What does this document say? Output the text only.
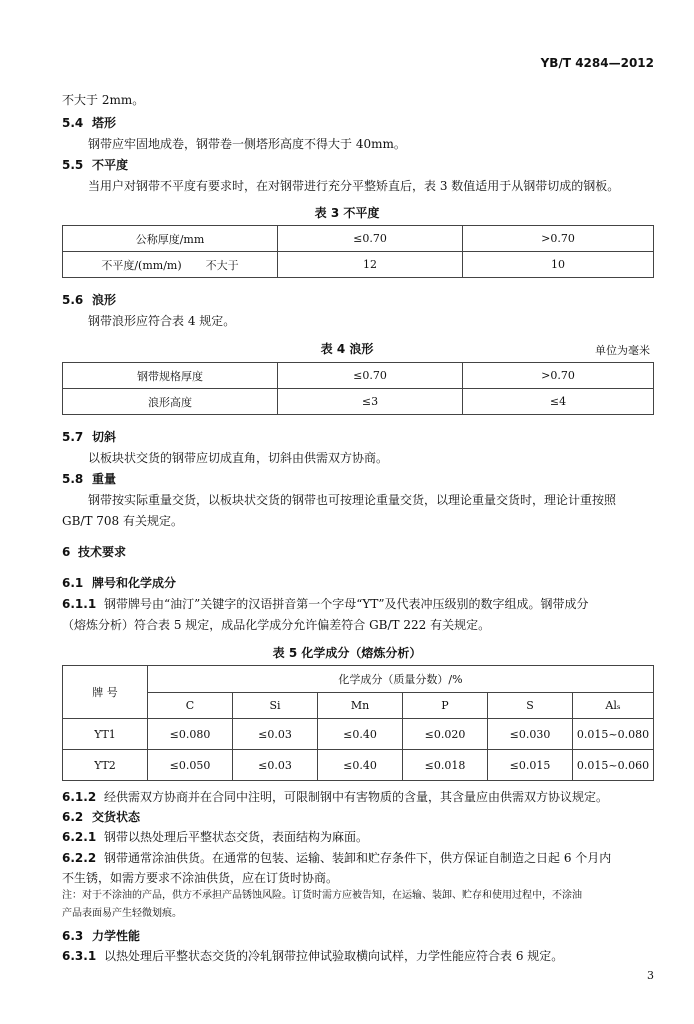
YB/T 4284—2012
不大于 2mm。
5.4 塔形
钢带应牢固地成卷，钢带卷一侧塔形高度不得大于 40mm。
5.5 不平度
当用户对钢带不平度有要求时，在对钢带进行充分平整矫直后，表 3 数值适用于从钢带切成的钢板。
表 3 不平度
公称厚度/mm	≤0.70	>0.70
不平度/(mm/m) 不大于	12	10
5.6 浪形
钢带浪形应符合表 4 规定。
表 4 浪形	单位为毫米
钢带规格厚度	≤0.70	>0.70
浪形高度	≤3	≤4
5.7 切斜
以板块状交货的钢带应切成直角，切斜由供需双方协商。
5.8 重量
钢带按实际重量交货，以板块状交货的钢带也可按理论重量交货，以理论重量交货时，理论计重按照
GB/T 708 有关规定。
6 技术要求
6.1 牌号和化学成分
6.1.1 钢带牌号由“油汀”关键字的汉语拼音第一个字母“YT”及代表冲压级别的数字组成。钢带成分
（熔炼分析）符合表 5 规定，成品化学成分允许偏差符合 GB/T 222 有关规定。
表 5 化学成分（熔炼分析）
牌 号	化学成分（质量分数）/%					
	C	Si	Mn	P	S	Alₛ
YT1	≤0.080	≤0.03	≤0.40	≤0.020	≤0.030	0.015~0.080
YT2	≤0.050	≤0.03	≤0.40	≤0.018	≤0.015	0.015~0.060
6.1.2 经供需双方协商并在合同中注明，可限制钢中有害物质的含量，其含量应由供需双方协议规定。
6.2 交货状态
6.2.1 钢带以热处理后平整状态交货，表面结构为麻面。
6.2.2 钢带通常涂油供货。在通常的包装、运输、装卸和贮存条件下，供方保证自制造之日起 6 个月内
不生锈，如需方要求不涂油供货，应在订货时协商。
注：对于不涂油的产品，供方不承担产品锈蚀风险。订货时需方应被告知，在运输、装卸、贮存和使用过程中，不涂油
产品表面易产生轻微划痕。
6.3 力学性能
6.3.1 以热处理后平整状态交货的冷轧钢带拉伸试验取横向试样，力学性能应符合表 6 规定。
3
